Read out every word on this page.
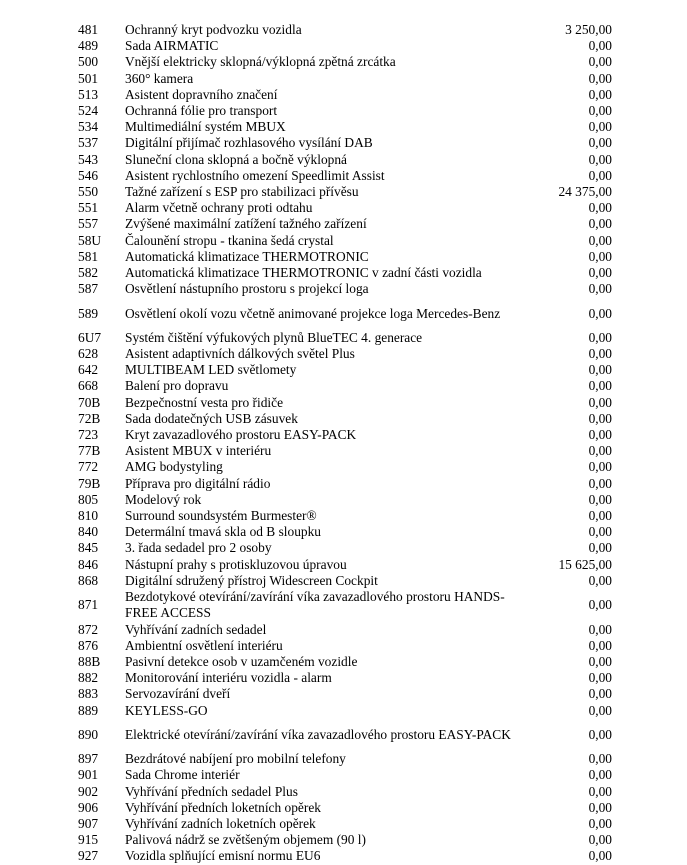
481	Ochranný kryt podvozku vozidla	3 250,00
489	Sada AIRMATIC	0,00
500	Vnější elektricky sklopná/výklopná zpětná zrcátka	0,00
501	360° kamera	0,00
513	Asistent dopravního značení	0,00
524	Ochranná fólie pro transport	0,00
534	Multimediální systém MBUX	0,00
537	Digitální přijímač rozhlasového vysílání DAB	0,00
543	Sluneční clona sklopná a bočně výklopná	0,00
546	Asistent rychlostního omezení Speedlimit Assist	0,00
550	Tažné zařízení s ESP pro stabilizaci přívěsu	24 375,00
551	Alarm včetně ochrany proti odtahu	0,00
557	Zvýšené maximální zatížení tažného zařízení	0,00
58U	Čalounění stropu - tkanina šedá crystal	0,00
581	Automatická klimatizace THERMOTRONIC	0,00
582	Automatická klimatizace THERMOTRONIC v zadní části vozidla	0,00
587	Osvětlení nástupního prostoru s projekcí loga	0,00
589	Osvětlení okolí vozu včetně animované projekce loga Mercedes-Benz	0,00
6U7	Systém čištění výfukových plynů BlueTEC 4. generace	0,00
628	Asistent adaptivních dálkových světel Plus	0,00
642	MULTIBEAM LED světlomety	0,00
668	Balení pro dopravu	0,00
70B	Bezpečnostní vesta pro řidiče	0,00
72B	Sada dodatečných USB zásuvek	0,00
723	Kryt zavazadlového prostoru EASY-PACK	0,00
77B	Asistent MBUX v interiéru	0,00
772	AMG bodystyling	0,00
79B	Příprava pro digitální rádio	0,00
805	Modelový rok	0,00
810	Surround soundsystém Burmester®	0,00
840	Determální tmavá skla od B sloupku	0,00
845	3. řada sedadel pro 2 osoby	0,00
846	Nástupní prahy s protiskluzovou úpravou	15 625,00
868	Digitální sdružený přístroj Widescreen Cockpit	0,00
871	Bezdotykové otevírání/zavírání víka zavazadlového prostoru HANDS-FREE ACCESS	0,00
872	Vyhřívání zadních sedadel	0,00
876	Ambientní osvětlení interiéru	0,00
88B	Pasivní detekce osob v uzamčeném vozidle	0,00
882	Monitorování interiéru vozidla - alarm	0,00
883	Servozavírání dveří	0,00
889	KEYLESS-GO	0,00
890	Elektrické otevírání/zavírání víka zavazadlového prostoru EASY-PACK	0,00
897	Bezdrátové nabíjení pro mobilní telefony	0,00
901	Sada Chrome interiér	0,00
902	Vyhřívání předních sedadel Plus	0,00
906	Vyhřívání předních loketních opěrek	0,00
907	Vyhřívání zadních loketních opěrek	0,00
915	Palivová nádrž se zvětšeným objemem (90 l)	0,00
927	Vozidla splňující emisní normu EU6	0,00
